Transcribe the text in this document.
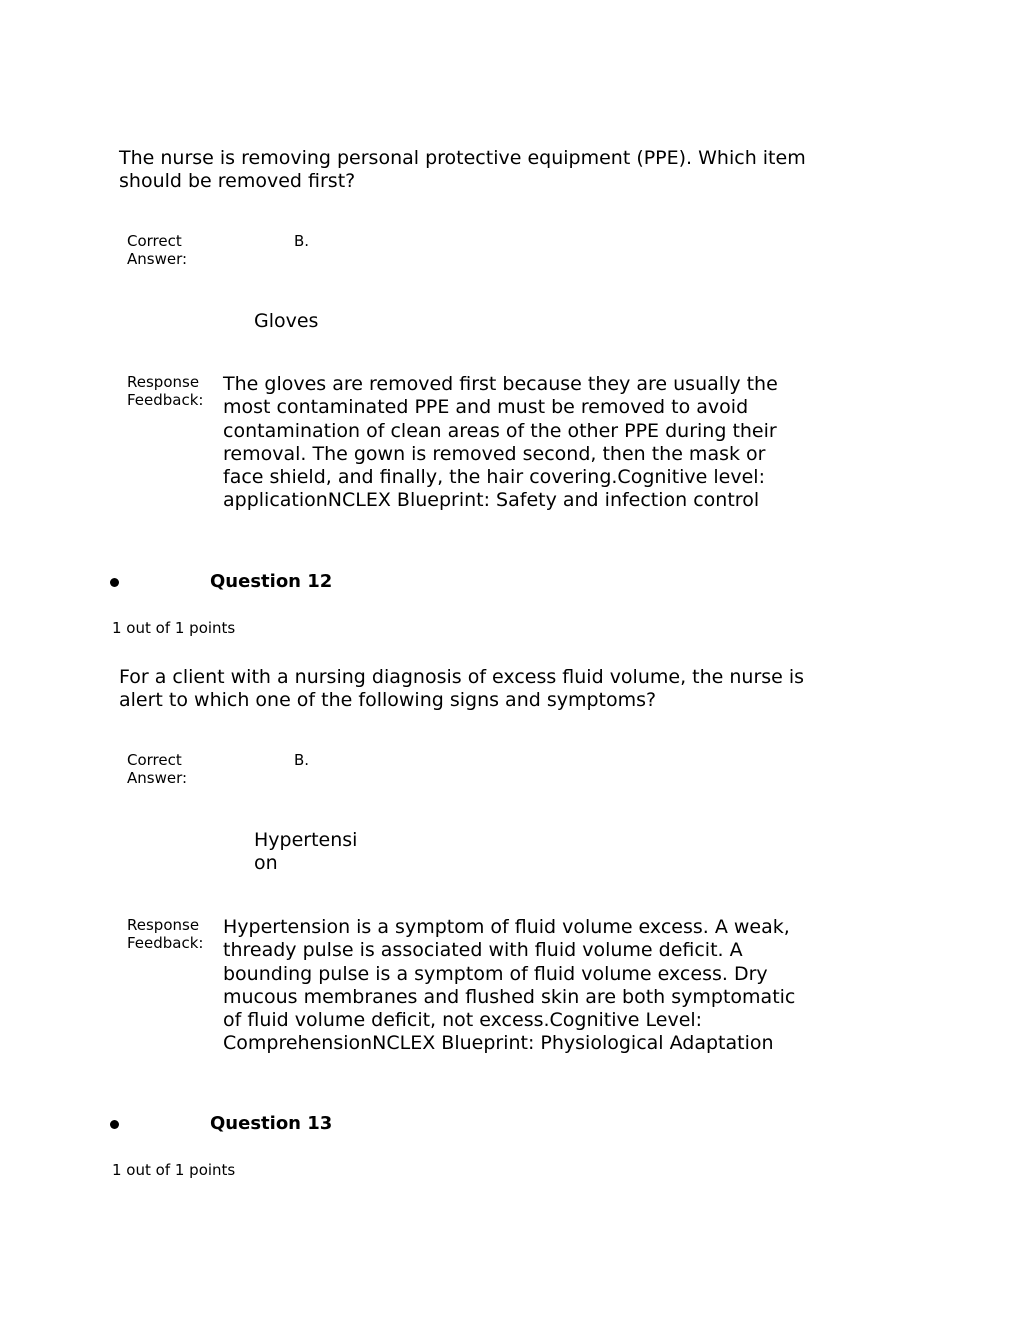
The nurse is removing personal protective equipment (PPE). Which item should be removed first?
Correct Answer:
B.
Gloves
Response Feedback:
The gloves are removed first because they are usually the most contaminated PPE and must be removed to avoid contamination of clean areas of the other PPE during their removal. The gown is removed second, then the mask or face shield, and finally, the hair covering.Cognitive level: applicationNCLEX Blueprint: Safety and infection control
Question 12
1 out of 1 points
For a client with a nursing diagnosis of excess fluid volume, the nurse is alert to which one of the following signs and symptoms?
Correct Answer:
B.
Hypertension
Response Feedback:
Hypertension is a symptom of fluid volume excess. A weak, thready pulse is associated with fluid volume deficit. A bounding pulse is a symptom of fluid volume excess. Dry mucous membranes and flushed skin are both symptomatic of fluid volume deficit, not excess.Cognitive Level: ComprehensionNCLEX Blueprint: Physiological Adaptation
Question 13
1 out of 1 points
